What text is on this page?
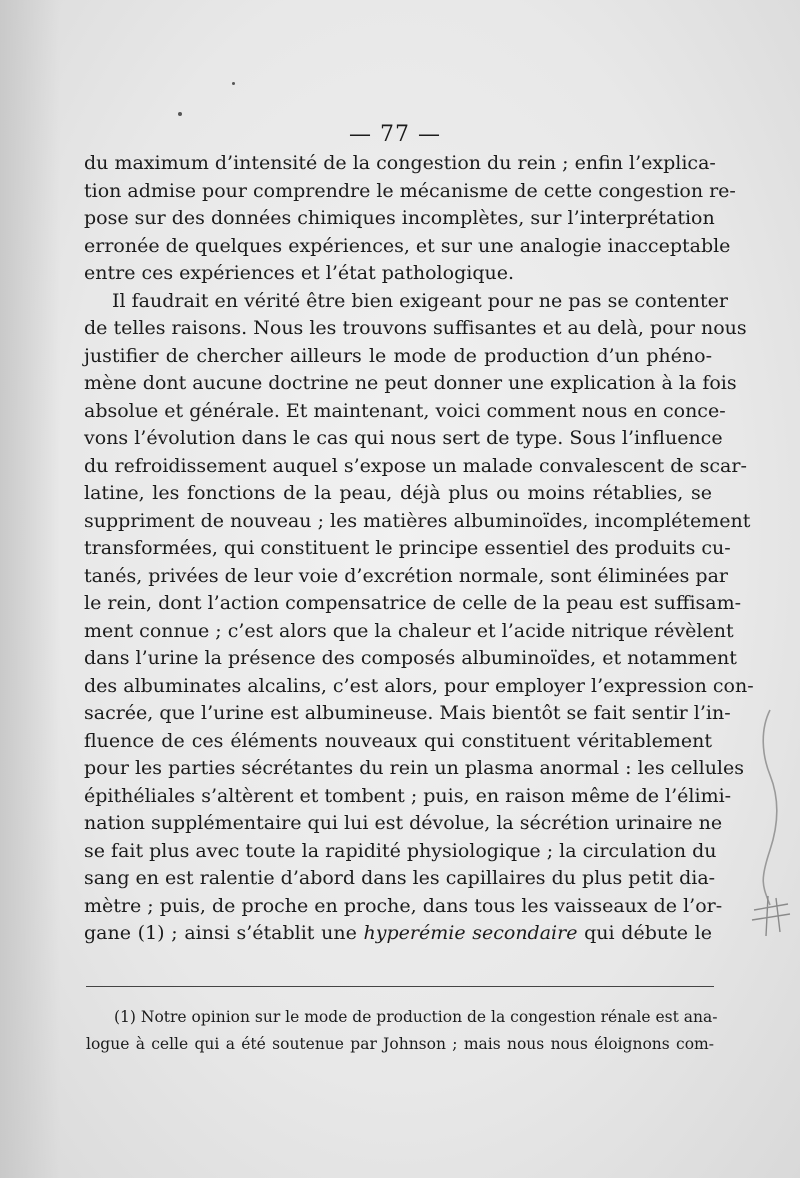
— 77 —
du maximum d’intensité de la congestion du rein ; enfin l’explica-
tion admise pour comprendre le mécanisme de cette congestion re-
pose sur des données chimiques incomplètes, sur l’interprétation
erronée de quelques expériences, et sur une analogie inacceptable
entre ces expériences et l’état pathologique.
Il faudrait en vérité être bien exigeant pour ne pas se contenter
de telles raisons. Nous les trouvons suffisantes et au delà, pour nous
justifier de chercher ailleurs le mode de production d’un phéno-
mène dont aucune doctrine ne peut donner une explication à la fois
absolue et générale. Et maintenant, voici comment nous en conce-
vons l’évolution dans le cas qui nous sert de type. Sous l’influence
du refroidissement auquel s’expose un malade convalescent de scar-
latine, les fonctions de la peau, déjà plus ou moins rétablies, se
suppriment de nouveau ; les matières albuminoïdes, incomplétement
transformées, qui constituent le principe essentiel des produits cu-
tanés, privées de leur voie d’excrétion normale, sont éliminées par
le rein, dont l’action compensatrice de celle de la peau est suffisam-
ment connue ; c’est alors que la chaleur et l’acide nitrique révèlent
dans l’urine la présence des composés albuminoïdes, et notamment
des albuminates alcalins, c’est alors, pour employer l’expression con-
sacrée, que l’urine est albumineuse. Mais bientôt se fait sentir l’in-
fluence de ces éléments nouveaux qui constituent véritablement
pour les parties sécrétantes du rein un plasma anormal : les cellules
épithéliales s’altèrent et tombent ; puis, en raison même de l’élimi-
nation supplémentaire qui lui est dévolue, la sécrétion urinaire ne
se fait plus avec toute la rapidité physiologique ; la circulation du
sang en est ralentie d’abord dans les capillaires du plus petit dia-
mètre ; puis, de proche en proche, dans tous les vaisseaux de l’or-
gane (1) ; ainsi s’établit une hyperémie secondaire qui débute le
(1) Notre opinion sur le mode de production de la congestion rénale est ana-
logue à celle qui a été soutenue par Johnson ; mais nous nous éloignons com-
